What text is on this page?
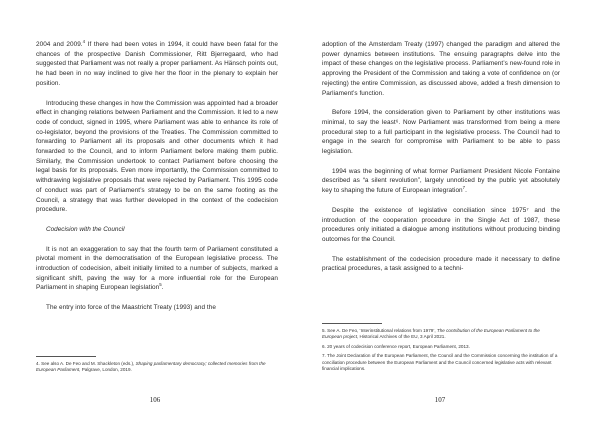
2004 and 2009.$^4$ If there had been votes in 1994, it could have been fatal for the chances of the prospective Danish Commissioner, Ritt Bjerregaard, who had suggested that Parliament was not really a proper parliament. As Hänsch points out, he had been in no way inclined to give her the floor in the plenary to explain her position.

Introducing these changes in how the Commission was appointed had a broader effect in changing relations between Parliament and the Commission. It led to a new code of conduct, signed in 1995, where Parliament was able to enhance its role of co-legislator, beyond the provisions of the Treaties. The Commission committed to forwarding to Parliament all its proposals and other documents which it had forwarded to the Council, and to inform Parliament before making them public. Similarly, the Commission undertook to contact Parliament before choosing the legal basis for its proposals. Even more importantly, the Commission committed to withdrawing legislative proposals that were rejected by Parliament. This 1995 code of conduct was part of Parliament’s strategy to be on the same footing as the Council, a strategy that was further developed in the context of the codecision procedure.

Codecision with the Council

It is not an exaggeration to say that the fourth term of Parliament constituted a pivotal moment in the democratisation of the European legislative process. The introduction of codecision, albeit initially limited to a number of subjects, marked a significant shift, paving the way for a more influential role for the European Parliament in shaping European legislation$^5$.

The entry into force of the Maastricht Treaty (1993) and the

4. See also A. De Feo and M. Shackleton (eds.), Shaping parliamentary democracy; collected memories from the European Parliament, Palgrave, London, 2019.

106

adoption of the Amsterdam Treaty (1997) changed the paradigm and altered the power dynamics between institutions. The ensuing paragraphs delve into the impact of these changes on the legislative process. Parliament’s new-found role in approving the President of the Commission and taking a vote of confidence on (or rejecting) the entire Commission, as discussed above, added a fresh dimension to Parliament’s function.

Before 1994, the consideration given to Parliament by other institutions was minimal, to say the least⁶. Now Parliament was transformed from being a mere procedural step to a full participant in the legislative process. The Council had to engage in the search for compromise with Parliament to be able to pass legislation.

1994 was the beginning of what former Parliament President Nicole Fontaine described as “a silent revolution”, largely unnoticed by the public yet absolutely key to shaping the future of European integration$^7$.

Despite the existence of legislative conciliation since 1975⁷ and the introduction of the cooperation procedure in the Single Act of 1987, these procedures only initiated a dialogue among institutions without producing binding outcomes for the Council.

The establishment of the codecision procedure made it necessary to define practical procedures, a task assigned to a techni-

5. See A. De Feo, ‘Interinstitutional relations from 1979’, The contribution of the European Parliament to the European project, Historical Archives of the EU, 3 April 2021.

6. 20 years of codecision conference report, European Parliament, 2013.

7. The Joint Declaration of the European Parliament, the Council and the Commission concerning the institution of a conciliation procedure between the European Parliament and the Council concerned legislative acts with relevant financial implications.

107
